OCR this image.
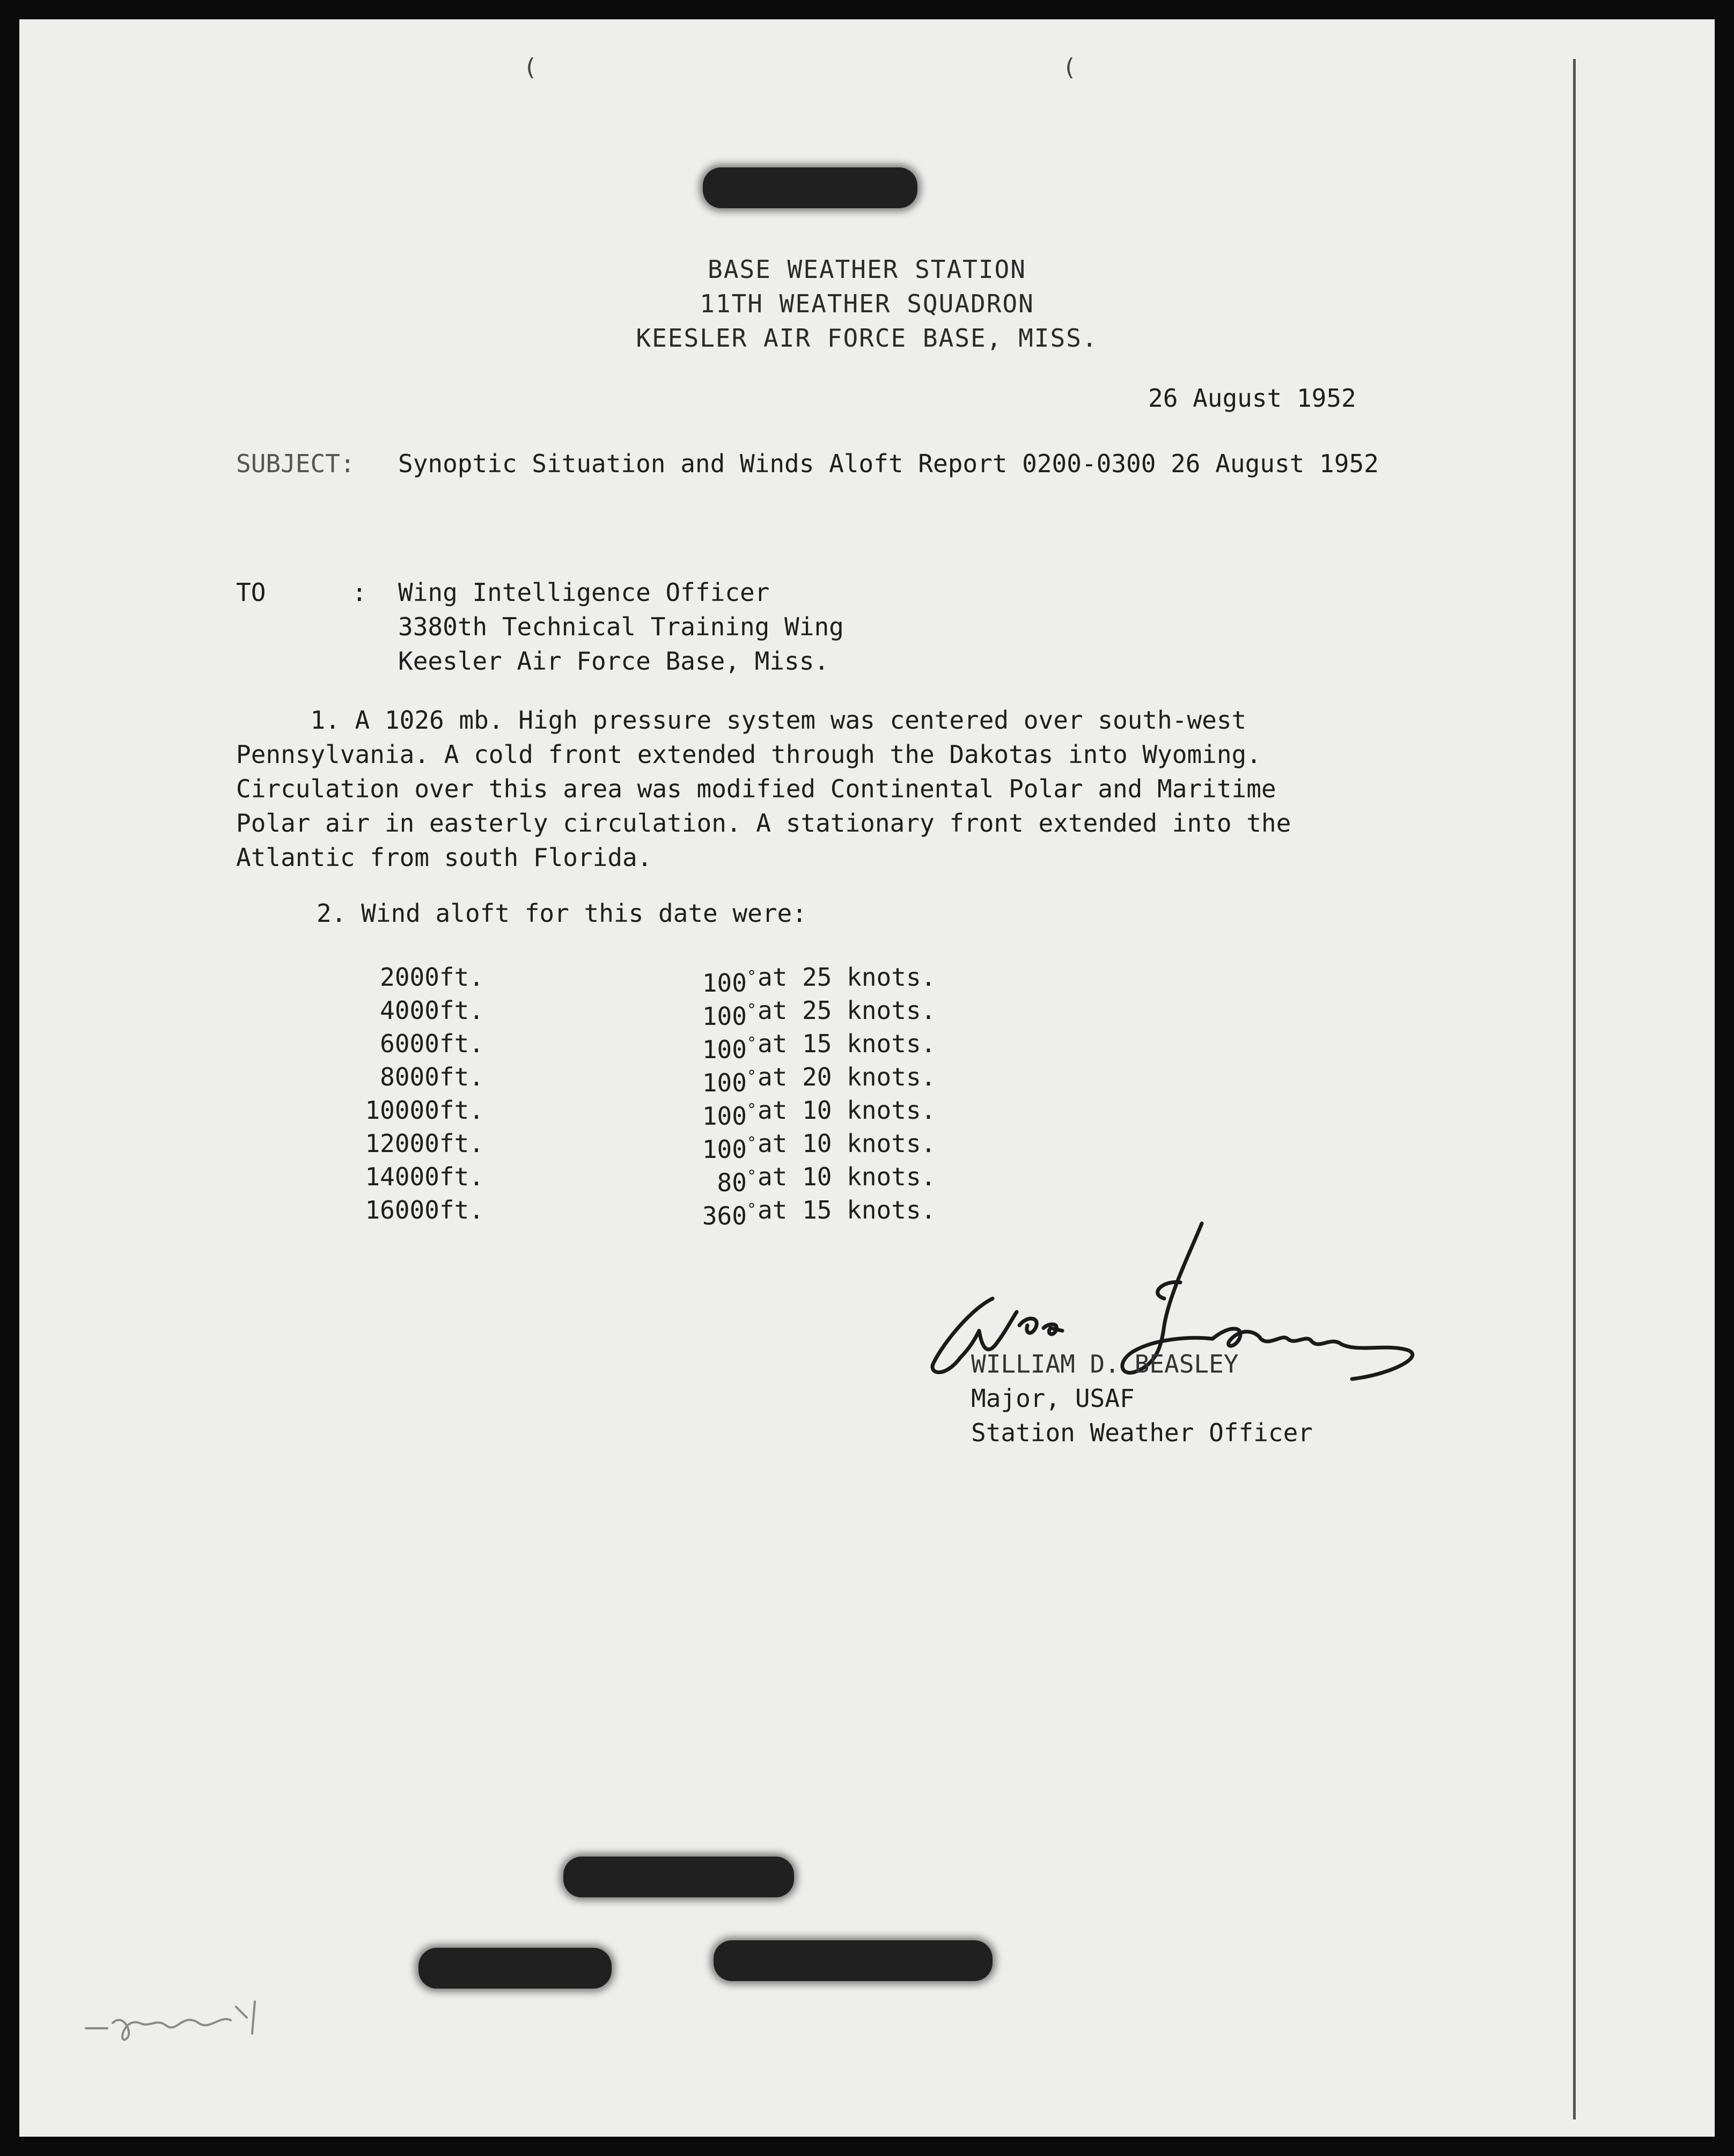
(	(
BASE WEATHER STATION
11TH WEATHER SQUADRON
KEESLER AIR FORCE BASE, MISS.
26 August 1952
SUBJECT: Synoptic Situation and Winds Aloft Report 0200-0300 26 August 1952
TO	: Wing Intelligence Officer
3380th Technical Training Wing
Keesler Air Force Base, Miss.
1. A 1026 mb. High pressure system was centered over south-west
Pennsylvania. A cold front extended through the Dakotas into Wyoming.
Circulation over this area was modified Continental Polar and Maritime
Polar air in easterly circulation. A stationary front extended into the
Atlantic from south Florida.
2. Wind aloft for this date were:
2000ft.	100° at 25 knots.
4000ft.	100° at 25 knots.
6000ft.	100° at 15 knots.
8000ft.	100° at 20 knots.
10000ft.	100° at 10 knots.
12000ft.	100° at 10 knots.
14000ft.	80° at 10 knots.
16000ft.	360° at 15 knots.
WILLIAM D. BEASLEY
Major, USAF
Station Weather Officer
